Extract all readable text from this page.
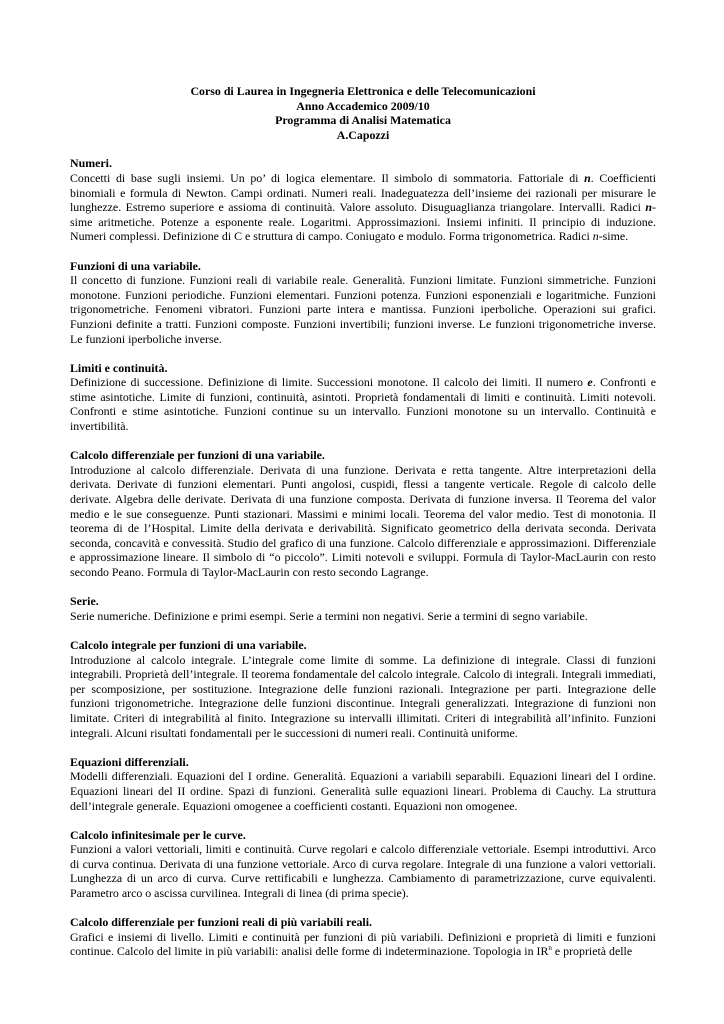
Corso di Laurea in Ingegneria Elettronica e delle Telecomunicazioni
Anno Accademico 2009/10
Programma di Analisi Matematica
A.Capozzi
Numeri.

Concetti di base sugli insiemi. Un po’ di logica elementare. Il simbolo di sommatoria. Fattoriale di n. Coefficienti binomiali e formula di Newton. Campi ordinati. Numeri reali. Inadeguatezza dell’insieme dei razionali per misurare le lunghezze. Estremo superiore e assioma di continuità. Valore assoluto. Disuguaglianza triangolare. Intervalli. Radici n-sime aritmetiche. Potenze a esponente reale. Logaritmi. Approssimazioni. Insiemi infiniti. Il principio di induzione. Numeri complessi. Definizione di C e struttura di campo. Coniugato e modulo. Forma trigonometrica. Radici n-sime.

Funzioni di una variabile.

Il concetto di funzione. Funzioni reali di variabile reale. Generalità. Funzioni limitate. Funzioni simmetriche. Funzioni monotone. Funzioni periodiche. Funzioni elementari. Funzioni potenza. Funzioni esponenziali e logaritmiche. Funzioni trigonometriche. Fenomeni vibratori. Funzioni parte intera e mantissa. Funzioni iperboliche. Operazioni sui grafici. Funzioni definite a tratti. Funzioni composte. Funzioni invertibili; funzioni inverse. Le funzioni trigonometriche inverse. Le funzioni iperboliche inverse.

Limiti e continuità.

Definizione di successione. Definizione di limite. Successioni monotone. Il calcolo dei limiti. Il numero e. Confronti e stime asintotiche. Limite di funzioni, continuità, asintoti. Proprietà fondamentali di limiti e continuità. Limiti notevoli. Confronti e stime asintotiche. Funzioni continue su un intervallo. Funzioni monotone su un intervallo. Continuità e invertibilità.

Calcolo differenziale per funzioni di una variabile.

Introduzione al calcolo differenziale. Derivata di una funzione. Derivata e retta tangente. Altre interpretazioni della derivata. Derivate di funzioni elementari. Punti angolosi, cuspidi, flessi a tangente verticale. Regole di calcolo delle derivate. Algebra delle derivate. Derivata di una funzione composta. Derivata di funzione inversa. Il Teorema del valor medio e le sue conseguenze. Punti stazionari. Massimi e minimi locali. Teorema del valor medio. Test di monotonia. Il teorema di de l’Hospital. Limite della derivata e derivabilità. Significato geometrico della derivata seconda. Derivata seconda, concavità e convessità. Studio del grafico di una funzione. Calcolo differenziale e approssimazioni. Differenziale e approssimazione lineare. Il simbolo di “o piccolo”. Limiti notevoli e sviluppi. Formula di Taylor-MacLaurin con resto secondo Peano. Formula di Taylor-MacLaurin con resto secondo Lagrange.

Serie.

Serie numeriche. Definizione e primi esempi. Serie a termini non negativi. Serie a termini di segno variabile.

Calcolo integrale per funzioni di una variabile.

Introduzione al calcolo integrale. L’integrale come limite di somme. La definizione di integrale. Classi di funzioni integrabili. Proprietà dell’integrale. Il teorema fondamentale del calcolo integrale. Calcolo di integrali. Integrali immediati, per scomposizione, per sostituzione. Integrazione delle funzioni razionali. Integrazione per parti. Integrazione delle funzioni trigonometriche. Integrazione delle funzioni discontinue. Integrali generalizzati. Integrazione di funzioni non limitate. Criteri di integrabilità al finito. Integrazione su intervalli illimitati. Criteri di integrabilità all’infinito. Funzioni integrali. Alcuni risultati fondamentali per le successioni di numeri reali. Continuità uniforme.

Equazioni differenziali.

Modelli differenziali. Equazioni del I ordine. Generalità. Equazioni a variabili separabili. Equazioni lineari del I ordine. Equazioni lineari del II ordine. Spazi di funzioni. Generalità sulle equazioni lineari. Problema di Cauchy. La struttura dell’integrale generale. Equazioni omogenee a coefficienti costanti. Equazioni non omogenee.

Calcolo infinitesimale per le curve.

Funzioni a valori vettoriali, limiti e continuità. Curve regolari e calcolo differenziale vettoriale. Esempi introduttivi. Arco di curva continua. Derivata di una funzione vettoriale. Arco di curva regolare. Integrale di una funzione a valori vettoriali. Lunghezza di un arco di curva. Curve rettificabili e lunghezza. Cambiamento di parametrizzazione, curve equivalenti. Parametro arco o ascissa curvilinea. Integrali di linea (di prima specie).

Calcolo differenziale per funzioni reali di più variabili reali.

Grafici e insiemi di livello. Limiti e continuità per funzioni di più variabili. Definizioni e proprietà di limiti e funzioni continue. Calcolo del limite in più variabili: analisi delle forme di indeterminazione. Topologia in $IR^n$ e proprietà delle
